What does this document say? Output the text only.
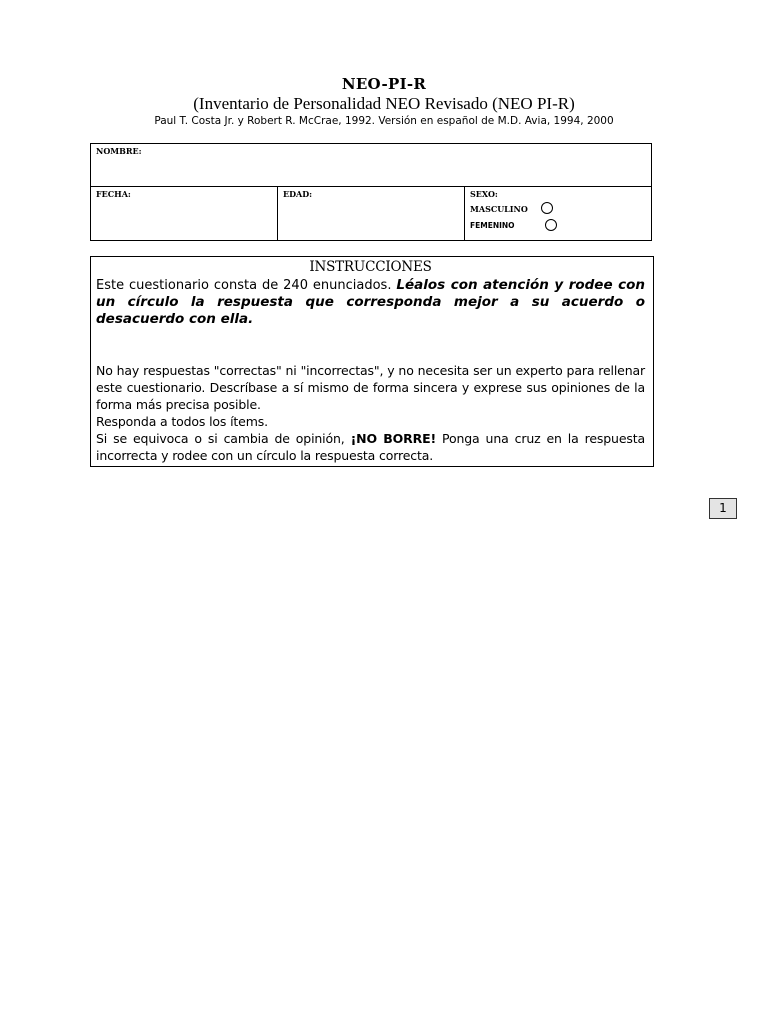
NEO-PI-R
(Inventario de Personalidad NEO Revisado (NEO PI-R)
Paul T. Costa Jr. y Robert R. McCrae, 1992. Versión en español de M.D. Avia, 1994, 2000
NOMBRE:
FECHA:	EDAD:	SEXO:
MASCULINO
FEMENINO
INSTRUCCIONES

Este cuestionario consta de 240 enunciados. Léalos con atención y rodee con un círculo la respuesta que corresponda mejor a su acuerdo o desacuerdo con ella.

No hay respuestas "correctas" ni "incorrectas", y no necesita ser un experto para rellenar este cuestionario. Descríbase a sí mismo de forma sincera y exprese sus opiniones de la forma más precisa posible.

Responda a todos los ítems.

Si se equivoca o si cambia de opinión, ¡NO BORRE! Ponga una cruz en la respuesta incorrecta y rodee con un círculo la respuesta correcta.

1
